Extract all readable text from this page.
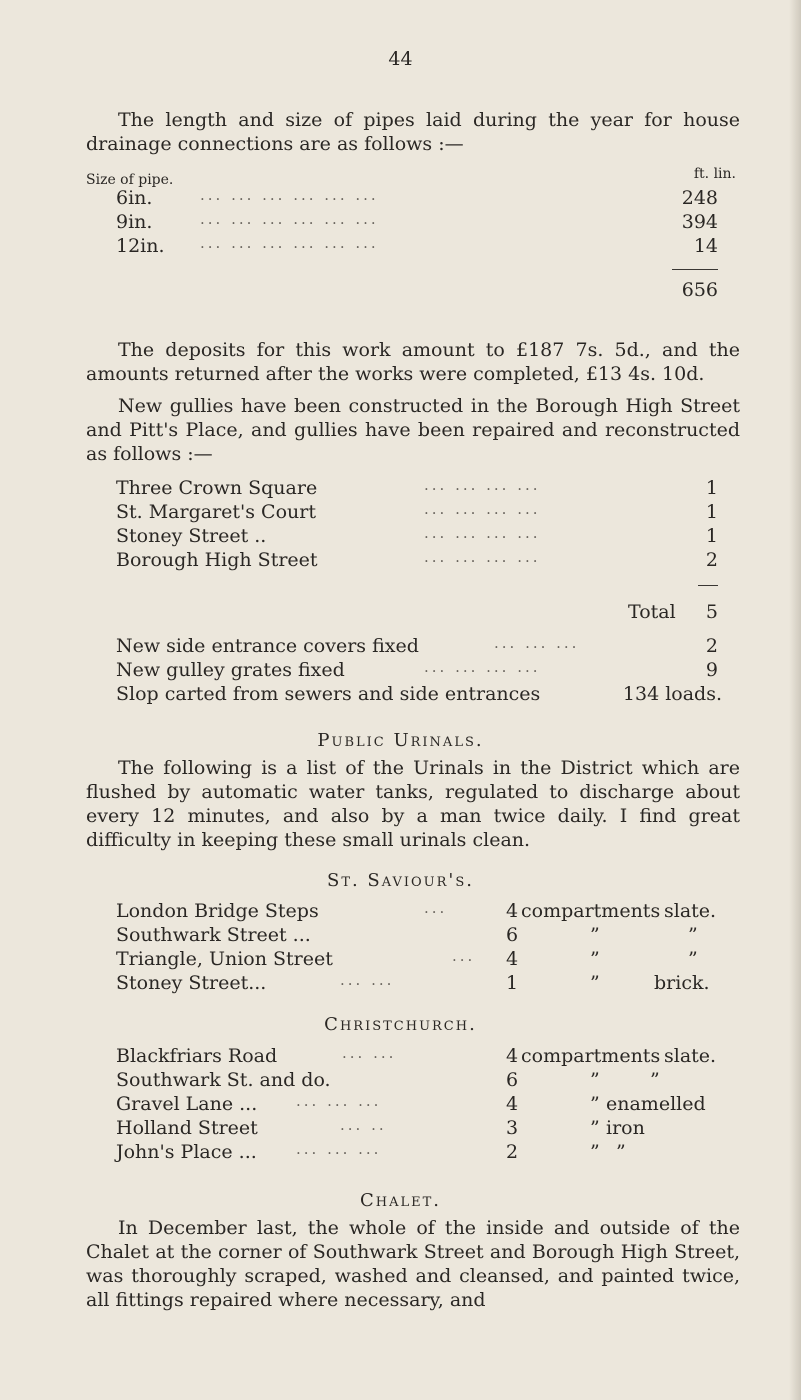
44

The length and size of pipes laid during the year for house drainage connections are as follows :—

Size of pipe.	ft. lin.
6in.	... ... ... ... ... ...	248
9in.	... ... ... ... ... ...	394
12in. ... ... ... ... ... ...	14
656

The deposits for this work amount to £187 7s. 5d., and the amounts returned after the works were completed, £13 4s. 10d.

New gullies have been constructed in the Borough High Street and Pitt's Place, and gullies have been repaired and reconstructed as follows :—

Three Crown Square	... ... ... ...	1
St. Margaret's Court	... ... ... ...	1
Stoney Street ..	... ... ... ...	1
Borough High Street	... ... ... ...	2
Total	5
New side entrance covers fixed	... ... ...	2
New gulley grates fixed	... ... ... ...	9
Slop carted from sewers and side entrances	134 loads.
Public Urinals.

The following is a list of the Urinals in the District which are flushed by automatic water tanks, regulated to discharge about every 12 minutes, and also by a man twice daily. I find great difficulty in keeping these small urinals clean.

St. Saviour's.
London Bridge Steps	...	4 compartments slate.
Southwark Street ...	6	”	”
Triangle, Union Street	...	4	”	”
Stoney Street...	... ...	1	”	brick.
Christchurch.
Blackfriars Road	... ...	4 compartments slate.
Southwark St. and do.	6	”	”
Gravel Lane ...	... ... ...	4	” enamelled
Holland Street	... ..	3	” iron
John's Place ...	... ... ...	2	” ”
Chalet.

In December last, the whole of the inside and outside of the Chalet at the corner of Southwark Street and Borough High Street, was thoroughly scraped, washed and cleansed, and painted twice, all fittings repaired where necessary, and
